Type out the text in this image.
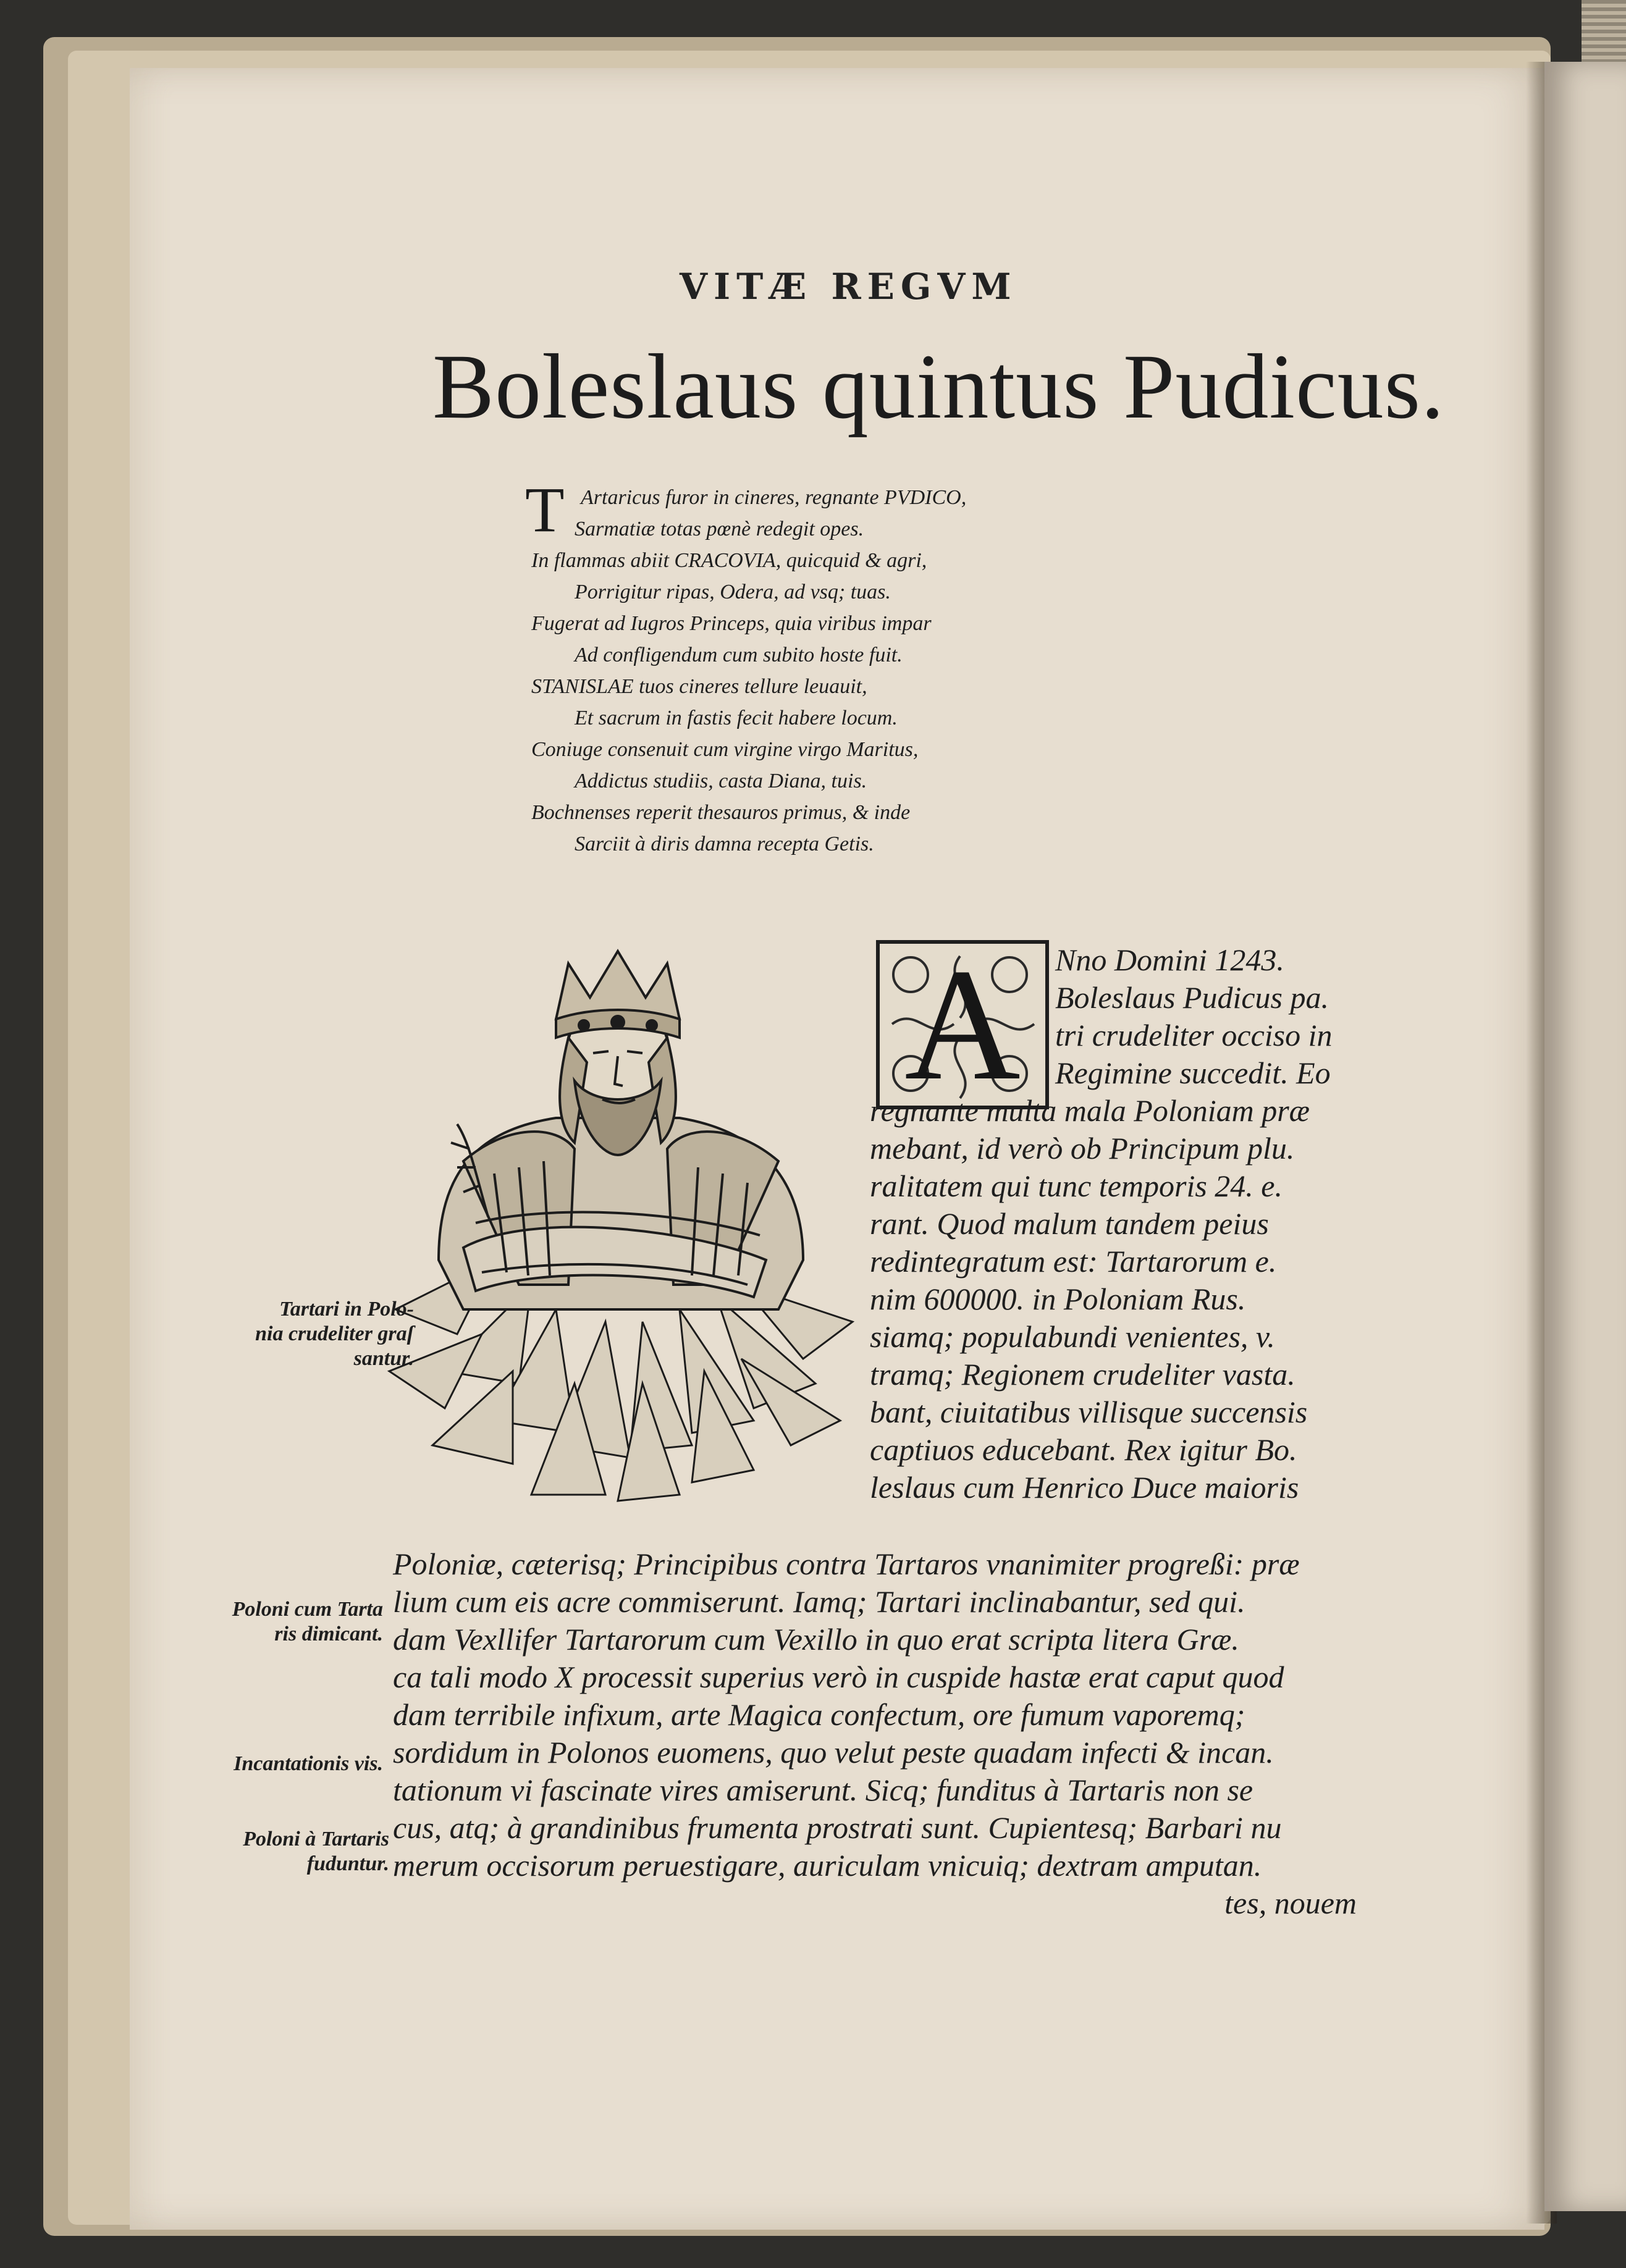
VITÆ REGVM
Boleslaus quintus Pudicus.
T Artaricus furor in cineres, regnante PVDICO,
Sarmatiæ totas pœnè redegit opes.
In flammas abiit CRACOVIA, quicquid & agri,
Porrigitur ripas, Odera, ad vsq; tuas.
Fugerat ad Iugros Princeps, quia viribus impar
Ad confligendum cum subito hoste fuit.
STANISLAE tuos cineres tellure leuauit,
Et sacrum in fastis fecit habere locum.
Coniuge consenuit cum virgine virgo Maritus,
Addictus studiis, casta Diana, tuis.
Bochnenses reperit thesauros primus, & inde
Sarciit à diris damna recepta Getis.
A	Nno Domini 1243.
Boleslaus Pudicus pa.
tri crudeliter occiso in
Regimine succedit. Eo
regnante multa mala Poloniam præ
mebant, id verò ob Principum plu.
ralitatem qui tunc temporis 24. e.
rant. Quod malum tandem peius
redintegratum est: Tartarorum e.
nim 600000. in Poloniam Rus.
siamq; populabundi venientes, v.
tramq; Regionem crudeliter vasta.
bant, ciuitatibus villisque succensis
captiuos educebant. Rex igitur Bo.
leslaus cum Henrico Duce maioris
Poloniæ, cæterisq; Principibus contra Tartaros vnanimiter progreßi: præ
lium cum eis acre commiserunt. Iamq; Tartari inclinabantur, sed qui.
dam Vexllifer Tartarorum cum Vexillo in quo erat scripta litera Græ.
ca tali modo X processit superius verò in cuspide hastæ erat caput quod
dam terribile infixum, arte Magica confectum, ore fumum vaporemq;
sordidum in Polonos euomens, quo velut peste quadam infecti & incan.
tationum vi fascinate vires amiserunt. Sicq; funditus à Tartaris non se
cus, atq; à grandinibus frumenta prostrati sunt. Cupientesq; Barbari nu
merum occisorum peruestigare, auriculam vnicuiq; dextram amputan.
tes, nouem
Tartari in Polo-
nia crudeliter graſ
santur.
Poloni cum Tarta
ris dimicant.
Incantationis vis.
Poloni à Tartaris
fuduntur.
